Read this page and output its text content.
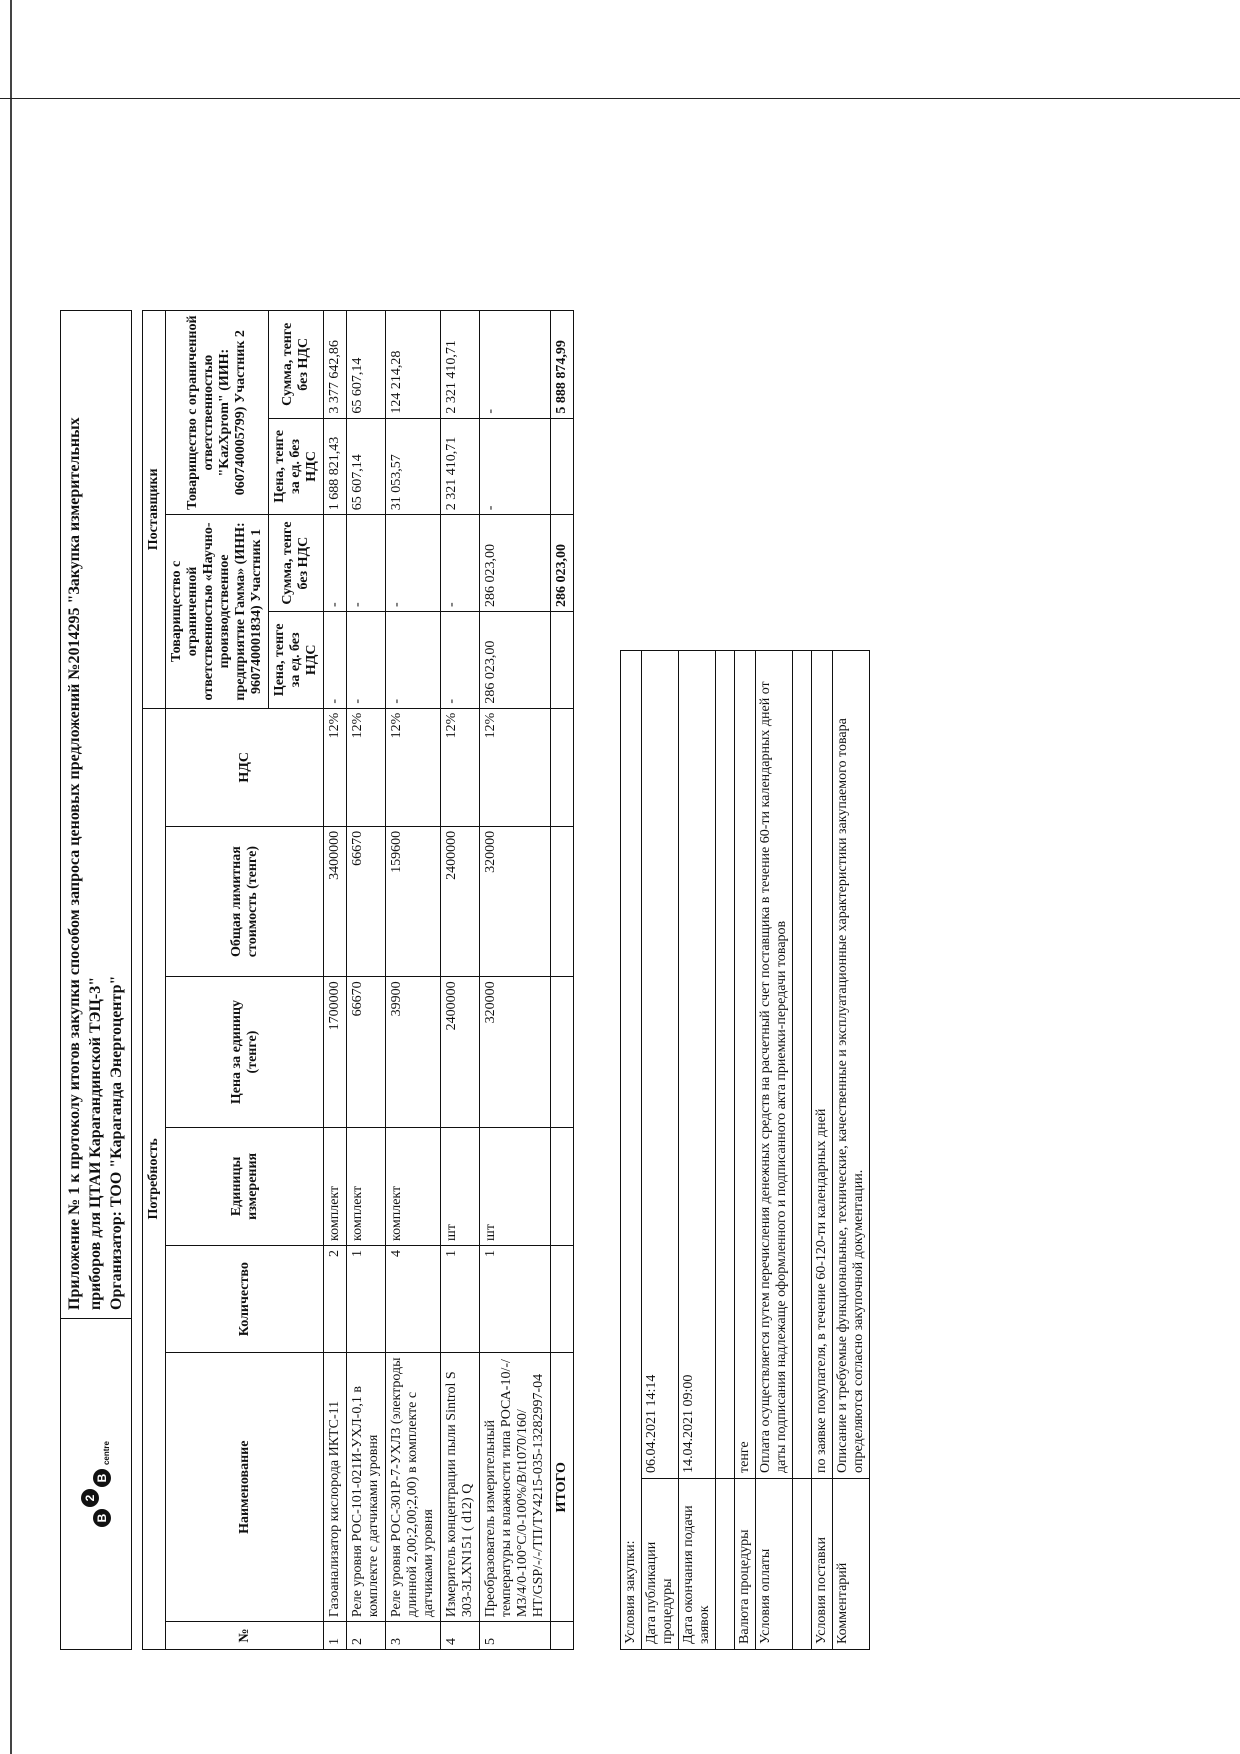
B
2
B
centre
Приложение № 1 к протоколу итогов закупки способом запроса ценовых предложений №2014295 "Закупка измерительных приборов для ЦТАИ Карагандинской ТЭЦ-3" Организатор: ТОО "Караганда Энергоцентр" Потребность							Поставщики			
№	Наименование	Количество	Единицы измерения	Цена за единицу (тенге)	Общая лимитная стоимость (тенге)	НДС	Товарищество с ограниченной ответственностью «Научно-производственное предприятие Гамма» (ИНН: 960740001834) Участник 1		Товарищество с ограниченной ответственностью "KazXprom" (ИИН: 060740005799) Участник 2	
							Цена, тенге за ед. без НДС	Сумма, тенге без НДС	Цена, тенге за ед. без НДС	Сумма, тенге без НДС
1	Газоанализатор кислорода ИКТС-11	2	комплект	1700000	3400000	12%	-	-	1 688 821,43	3 377 642,86
2	Реле уровня РОС-101-021И-УХЛ-0,1 в комплекте с датчиками уровня	1	комплект	66670	66670	12%	-	-	65 607,14	65 607,14
3	Реле уровня РОС-301Р-7-УХЛ3 (электроды длинной 2,00;2,00;2,00) в комплекте с датчиками уровня	4	комплект	39900	159600	12%	-	-	31 053,57	124 214,28
4	Измеритель концентрации пыли Sintrol S 303-3LXN151 ( d12) Q	1	шт	2400000	2400000	12%	-	-	2 321 410,71	2 321 410,71
5	Преобразователь измерительный температуры и влажности типа РОСА-10/-/М3/4/0-100°С/0-100%/В/t1070/160/НТ/GSP/-/-/ТП/ТУ4215-035-13282997-04	1	шт	320000	320000	12%	286 023,00	286 023,00	-	-
	ИТОГО							286 023,00		5 888 874,99
Условия закупки:	
Дата публикации процедуры	06.04.2021 14:14
Дата окончания подачи заявок	14.04.2021 09:00

Валюта процедуры	тенге
Условия оплаты	Оплата осуществляется путем перечисления денежных средств на расчетный счет поставщика в течение 60-ти календарных дней от даты подписания надлежаще оформленного и подписанного акта приемки-передачи товаров

Условия поставки	по заявке покупателя, в течение 60-120-ти календарных дней
Комментарий	Описание и требуемые функциональные, технические, качественные и эксплуатационные характеристики закупаемого товара определяются согласно закупочной документации.
